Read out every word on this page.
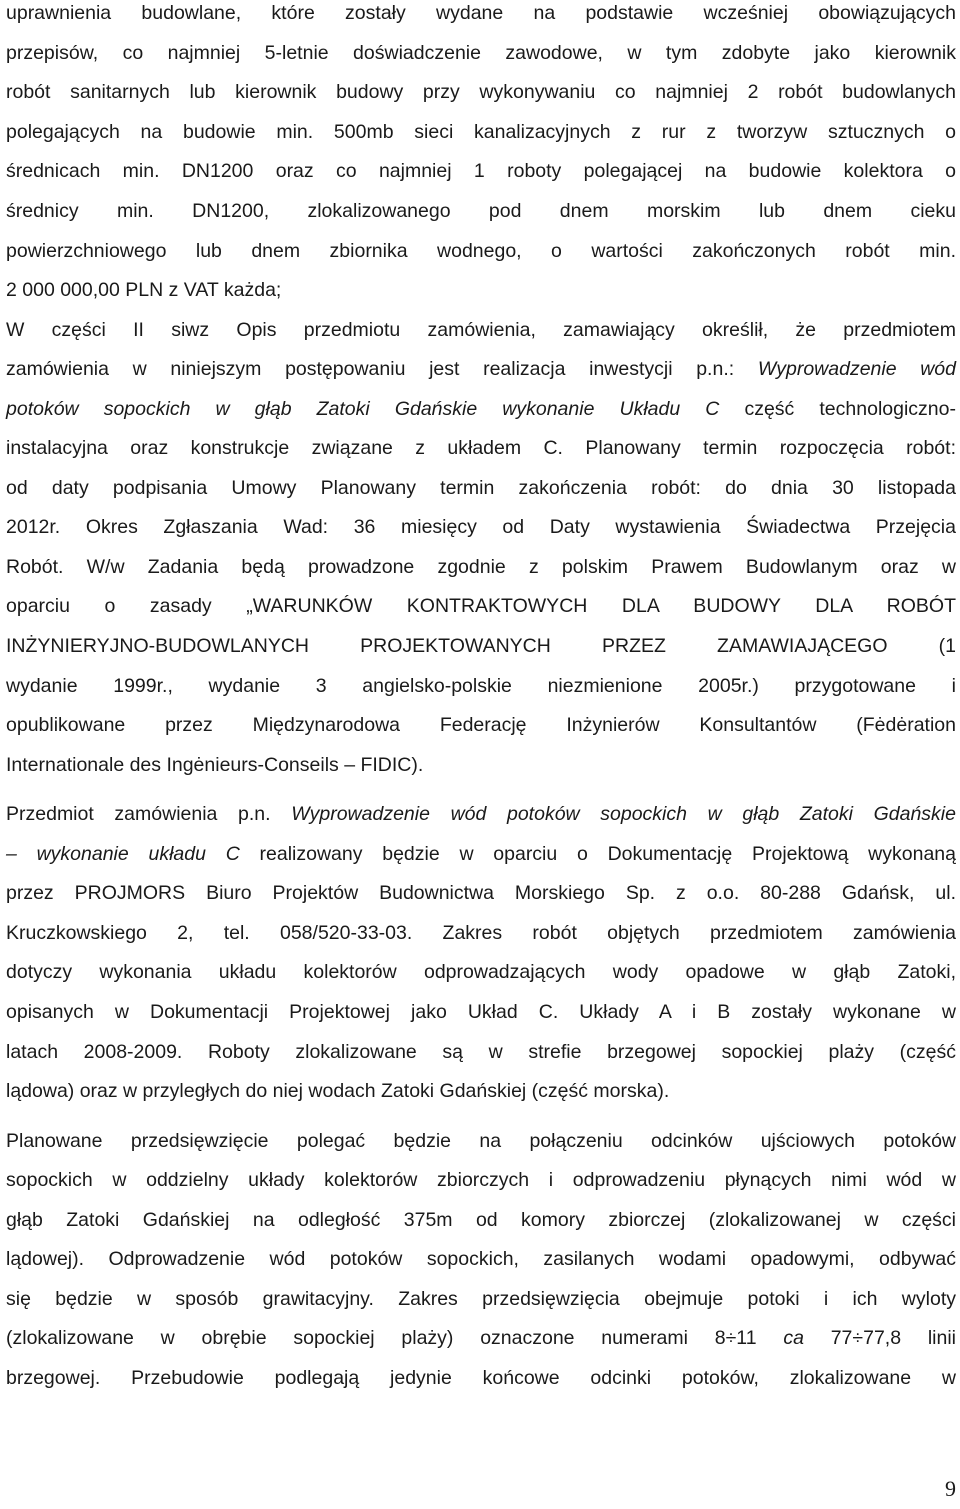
uprawnienia budowlane, które zostały wydane na podstawie wcześniej obowiązujących
przepisów, co najmniej 5-letnie doświadczenie zawodowe, w tym zdobyte jako kierownik
robót sanitarnych lub kierownik budowy przy wykonywaniu co najmniej 2 robót budowlanych
polegających na budowie min. 500mb sieci kanalizacyjnych z rur z tworzyw sztucznych o
średnicach min. DN1200 oraz co najmniej 1 roboty polegającej na budowie kolektora o
średnicy min. DN1200, zlokalizowanego pod dnem morskim lub dnem cieku
powierzchniowego lub dnem zbiornika wodnego, o wartości zakończonych robót min.
2 000 000,00 PLN z VAT każda;
W części II siwz Opis przedmiotu zamówienia, zamawiający określił, że przedmiotem
zamówienia w niniejszym postępowaniu jest realizacja inwestycji p.n.: Wyprowadzenie wód
potoków sopockich w głąb Zatoki Gdańskie wykonanie Układu C część technologiczno-
instalacyjna oraz konstrukcje związane z układem C. Planowany termin rozpoczęcia robót:
od daty podpisania Umowy Planowany termin zakończenia robót: do dnia 30 listopada
2012r. Okres Zgłaszania Wad: 36 miesięcy od Daty wystawienia Świadectwa Przejęcia
Robót. W/w Zadania będą prowadzone zgodnie z polskim Prawem Budowlanym oraz w
oparciu o zasady „WARUNKÓW KONTRAKTOWYCH DLA BUDOWY DLA ROBÓT
INŻYNIERYJNO-BUDOWLANYCH PROJEKTOWANYCH PRZEZ ZAMAWIAJĄCEGO (1
wydanie 1999r., wydanie 3 angielsko-polskie niezmienione 2005r.) przygotowane i
opublikowane przez Międzynarodowa Federację Inżynierów Konsultantów (Fėdėration
Internationale des Ingėnieurs-Conseils – FIDIC).
Przedmiot zamówienia p.n. Wyprowadzenie wód potoków sopockich w głąb Zatoki Gdańskie
– wykonanie układu C realizowany będzie w oparciu o Dokumentację Projektową wykonaną
przez PROJMORS Biuro Projektów Budownictwa Morskiego Sp. z o.o. 80-288 Gdańsk, ul.
Kruczkowskiego 2, tel. 058/520-33-03. Zakres robót objętych przedmiotem zamówienia
dotyczy wykonania układu kolektorów odprowadzających wody opadowe w głąb Zatoki,
opisanych w Dokumentacji Projektowej jako Układ C. Układy A i B zostały wykonane w
latach 2008-2009. Roboty zlokalizowane są w strefie brzegowej sopockiej plaży (część
lądowa) oraz w przyległych do niej wodach Zatoki Gdańskiej (część morska).
Planowane przedsięwzięcie polegać będzie na połączeniu odcinków ujściowych potoków
sopockich w oddzielny układy kolektorów zbiorczych i odprowadzeniu płynących nimi wód w
głąb Zatoki Gdańskiej na odległość 375m od komory zbiorczej (zlokalizowanej w części
lądowej). Odprowadzenie wód potoków sopockich, zasilanych wodami opadowymi, odbywać
się będzie w sposób grawitacyjny. Zakres przedsięwzięcia obejmuje potoki i ich wyloty
(zlokalizowane w obrębie sopockiej plaży) oznaczone numerami 8÷11 ca 77÷77,8 linii
brzegowej. Przebudowie podlegają jedynie końcowe odcinki potoków, zlokalizowane w
9
